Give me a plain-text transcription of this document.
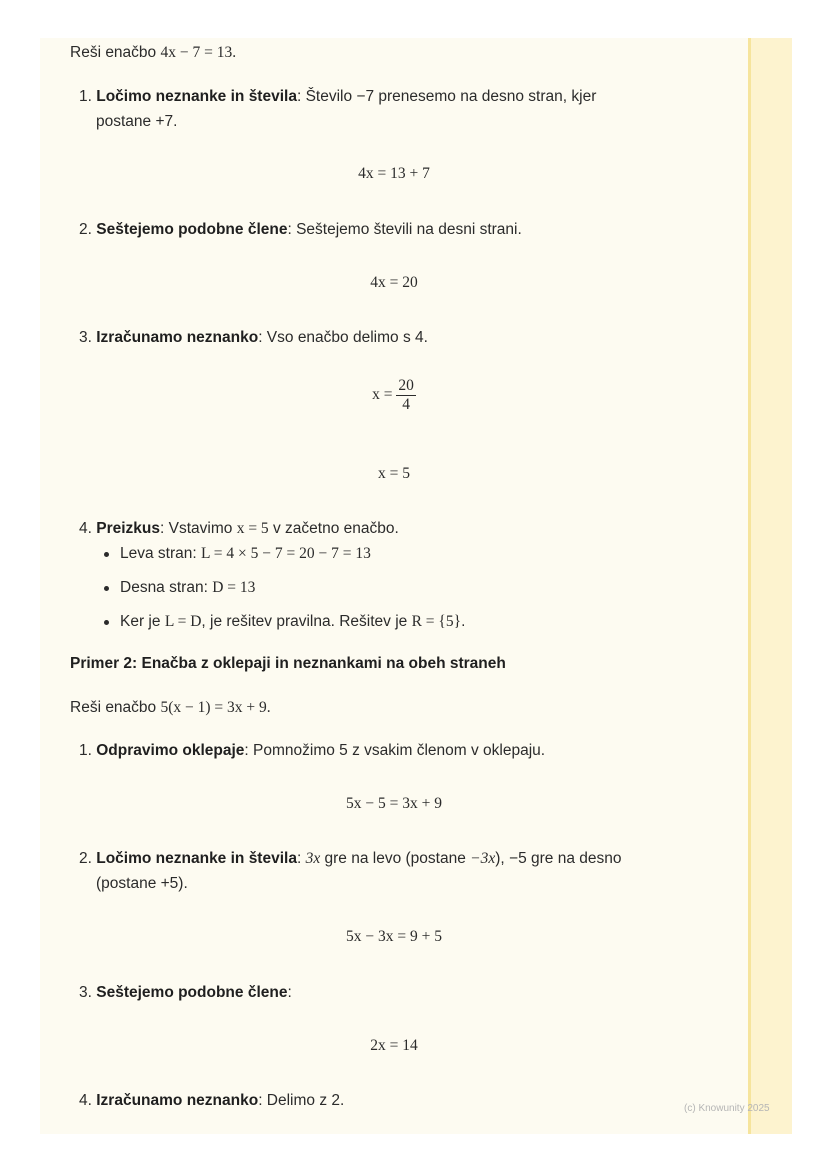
Reši enačbo 4x − 7 = 13.
1. Ločimo neznanke in števila: Število −7 prenesemo na desno stran, kjer
postane +7.
4x = 13 + 7
2. Seštejemo podobne člene: Seštejemo števili na desni strani.
4x = 20
3. Izračunamo neznanko: Vso enačbo delimo s 4.
$x = \frac{20}{4}$
x = 5
4. Preizkus: Vstavimo x = 5 v začetno enačbo.
Leva stran: L = 4 × 5 − 7 = 20 − 7 = 13
Desna stran: D = 13
Ker je L = D, je rešitev pravilna. Rešitev je R = {5}.
Primer 2: Enačba z oklepaji in neznankami na obeh straneh
Reši enačbo 5(x − 1) = 3x + 9.
1. Odpravimo oklepaje: Pomnožimo 5 z vsakim členom v oklepaju.
5x − 5 = 3x + 9
2. Ločimo neznanke in števila: 3x gre na levo (postane −3x), −5 gre na desno
(postane +5).
5x − 3x = 9 + 5
3. Seštejemo podobne člene:
2x = 14
4. Izračunamo neznanko: Delimo z 2.	(c) Knowunity 2025
